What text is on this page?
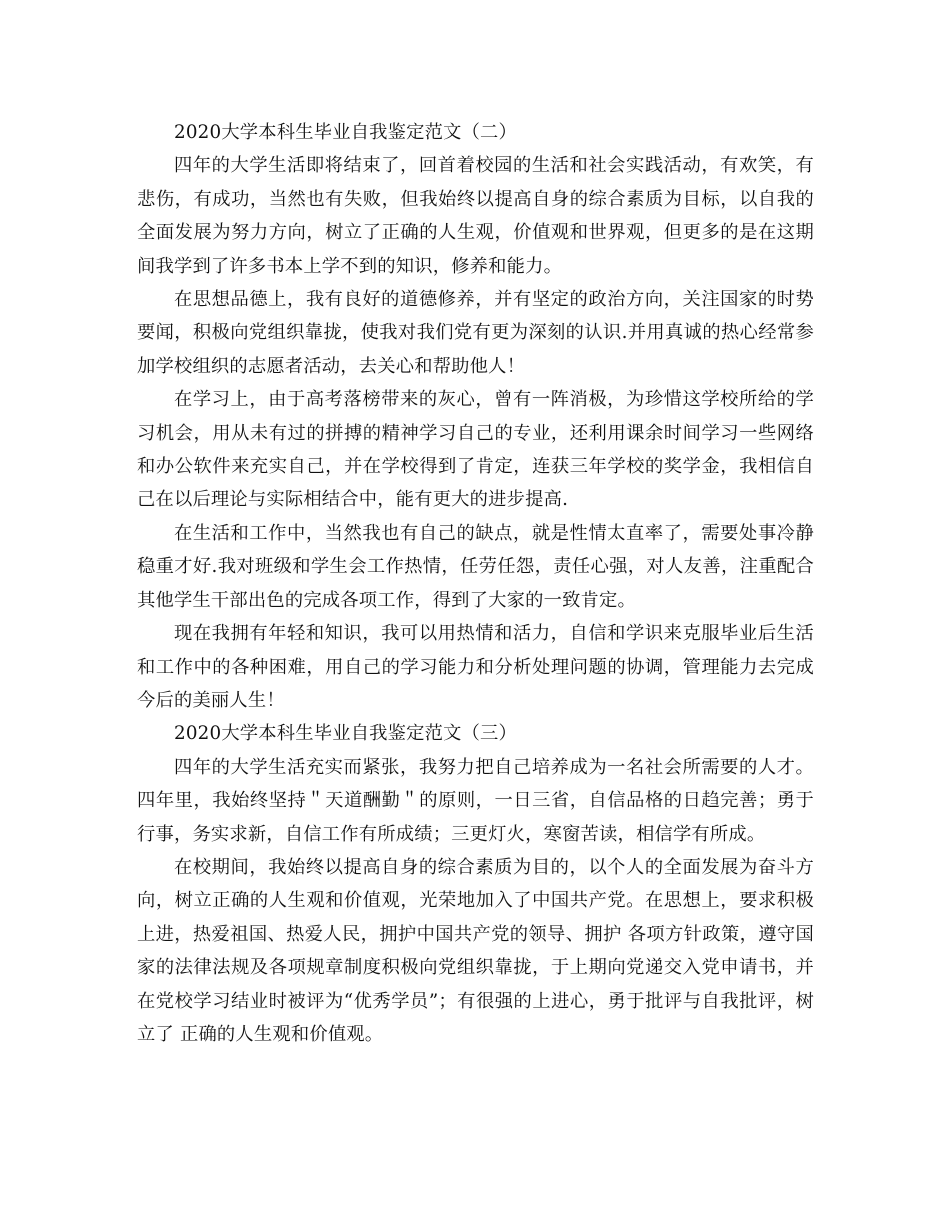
2020大学本科生毕业自我鉴定范文（二）

四年的大学生活即将结束了，回首着校园的生活和社会实践活动，有欢笑，有悲伤，有成功，当然也有失败，但我始终以提高自身的综合素质为目标，以自我的全面发展为努力方向，树立了正确的人生观，价值观和世界观，但更多的是在这期间我学到了许多书本上学不到的知识，修养和能力。

在思想品德上，我有良好的道德修养，并有坚定的政治方向，关注国家的时势要闻，积极向党组织靠拢，使我对我们党有更为深刻的认识.并用真诚的热心经常参加学校组织的志愿者活动，去关心和帮助他人！

在学习上，由于高考落榜带来的灰心，曾有一阵消极，为珍惜这学校所给的学习机会，用从未有过的拼搏的精神学习自己的专业，还利用课余时间学习一些网络和办公软件来充实自己，并在学校得到了肯定，连获三年学校的奖学金，我相信自己在以后理论与实际相结合中，能有更大的进步提高.

在生活和工作中，当然我也有自己的缺点，就是性情太直率了，需要处事冷静稳重才好.我对班级和学生会工作热情，任劳任怨，责任心强，对人友善，注重配合其他学生干部出色的完成各项工作，得到了大家的一致肯定。

现在我拥有年轻和知识，我可以用热情和活力，自信和学识来克服毕业后生活和工作中的各种困难，用自己的学习能力和分析处理问题的协调，管理能力去完成今后的美丽人生！

2020大学本科生毕业自我鉴定范文（三）

四年的大学生活充实而紧张，我努力把自己培养成为一名社会所需要的人才。四年里，我始终坚持＂天道酬勤＂的原则，一日三省，自信品格的日趋完善；勇于行事，务实求新，自信工作有所成绩；三更灯火，寒窗苦读，相信学有所成。

在校期间，我始终以提高自身的综合素质为目的，以个人的全面发展为奋斗方向，树立正确的人生观和价值观，光荣地加入了中国共产党。在思想上，要求积极上进，热爱祖国、热爱人民，拥护中国共产党的领导、拥护 各项方针政策，遵守国家的法律法规及各项规章制度积极向党组织靠拢，于上期向党递交入党申请书，并在党校学习结业时被评为“优秀学员”；有很强的上进心，勇于批评与自我批评，树立了 正确的人生观和价值观。
